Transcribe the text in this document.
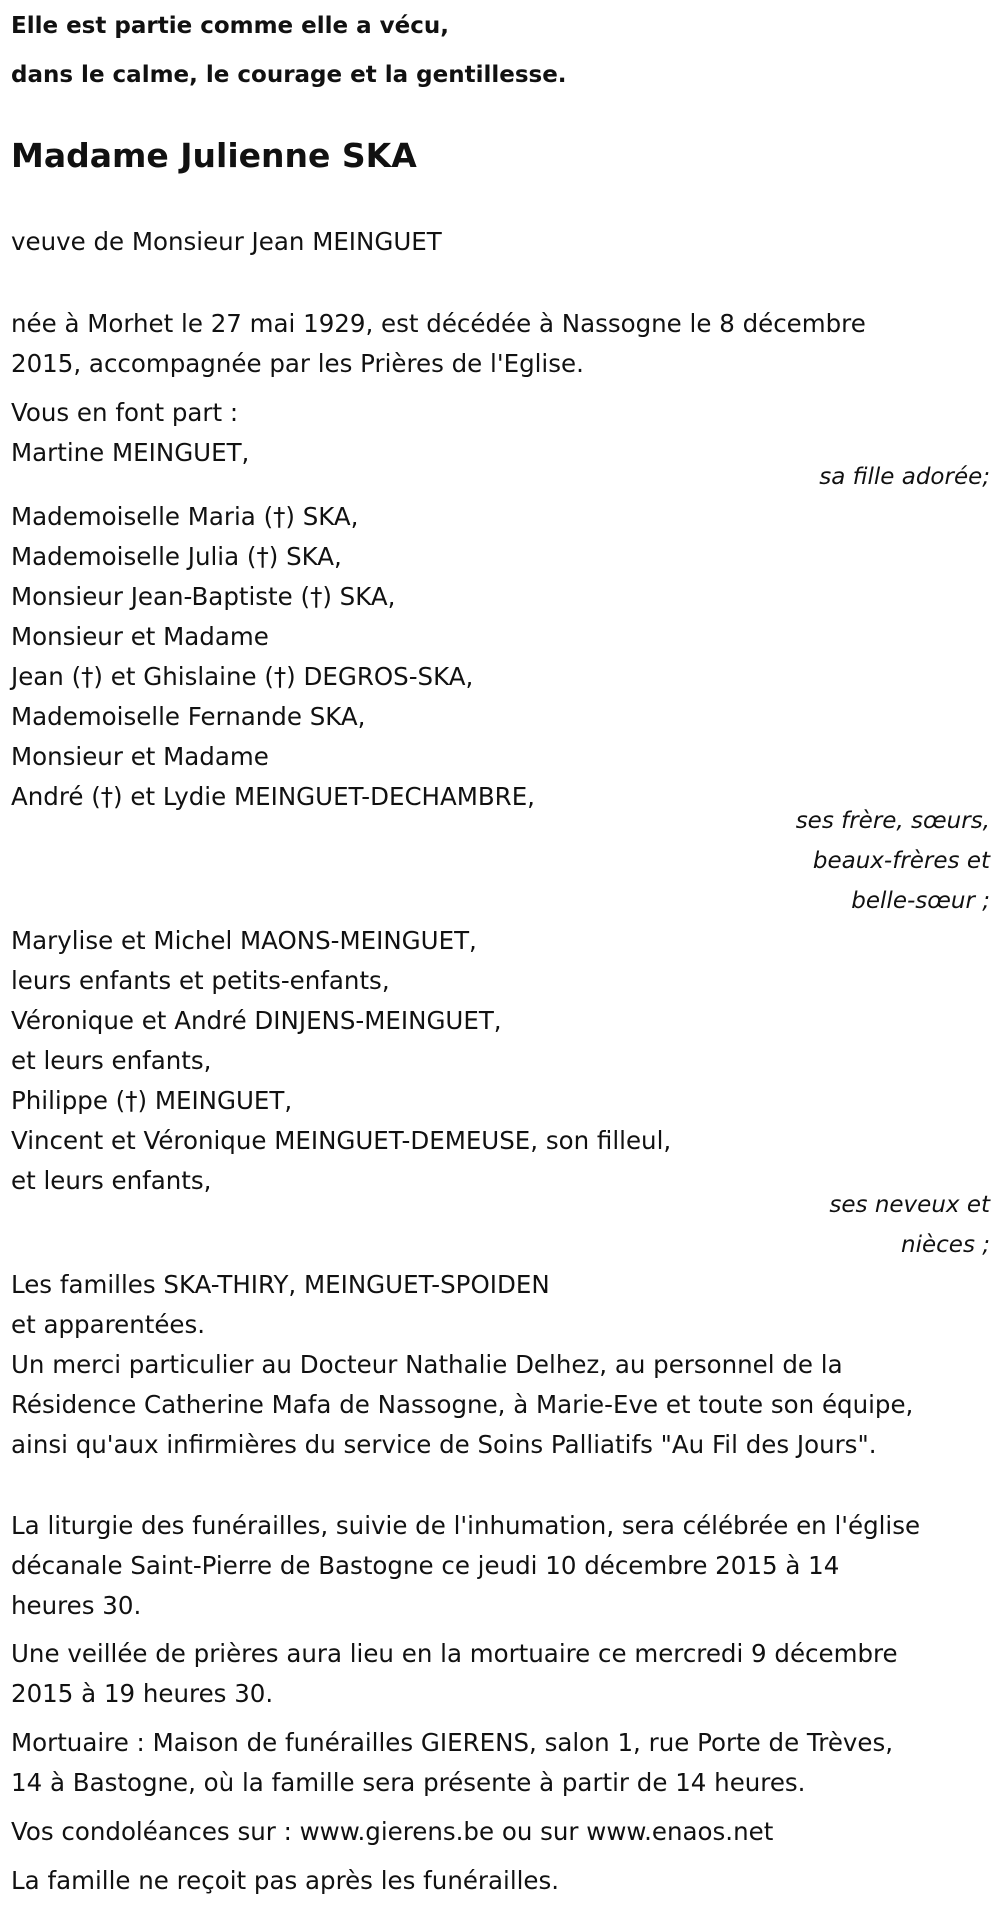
Elle est partie comme elle a vécu,
dans le calme, le courage et la gentillesse.
Madame Julienne SKA
veuve de Monsieur Jean MEINGUET
née à Morhet le 27 mai 1929, est décédée à Nassogne le 8 décembre
2015, accompagnée par les Prières de l'Eglise.
Vous en font part :
Martine MEINGUET,
sa fille adorée;
Mademoiselle Maria (†) SKA,
Mademoiselle Julia (†) SKA,
Monsieur Jean-Baptiste (†) SKA,
Monsieur et Madame
Jean (†) et Ghislaine (†) DEGROS-SKA,
Mademoiselle Fernande SKA,
Monsieur et Madame
André (†) et Lydie MEINGUET-DECHAMBRE,
ses frère, sœurs,
beaux-frères et
belle-sœur ;
Marylise et Michel MAONS-MEINGUET,
leurs enfants et petits-enfants,
Véronique et André DINJENS-MEINGUET,
et leurs enfants,
Philippe (†) MEINGUET,
Vincent et Véronique MEINGUET-DEMEUSE, son filleul,
et leurs enfants,
ses neveux et
nièces ;
Les familles SKA-THIRY, MEINGUET-SPOIDEN
et apparentées.
Un merci particulier au Docteur Nathalie Delhez, au personnel de la
Résidence Catherine Mafa de Nassogne, à Marie-Eve et toute son équipe,
ainsi qu'aux infirmières du service de Soins Palliatifs "Au Fil des Jours".
La liturgie des funérailles, suivie de l'inhumation, sera célébrée en l'église
décanale Saint-Pierre de Bastogne ce jeudi 10 décembre 2015 à 14
heures 30.
Une veillée de prières aura lieu en la mortuaire ce mercredi 9 décembre
2015 à 19 heures 30.
Mortuaire : Maison de funérailles GIERENS, salon 1, rue Porte de Trèves,
14 à Bastogne, où la famille sera présente à partir de 14 heures.
Vos condoléances sur : www.gierens.be ou sur www.enaos.net
La famille ne reçoit pas après les funérailles.
